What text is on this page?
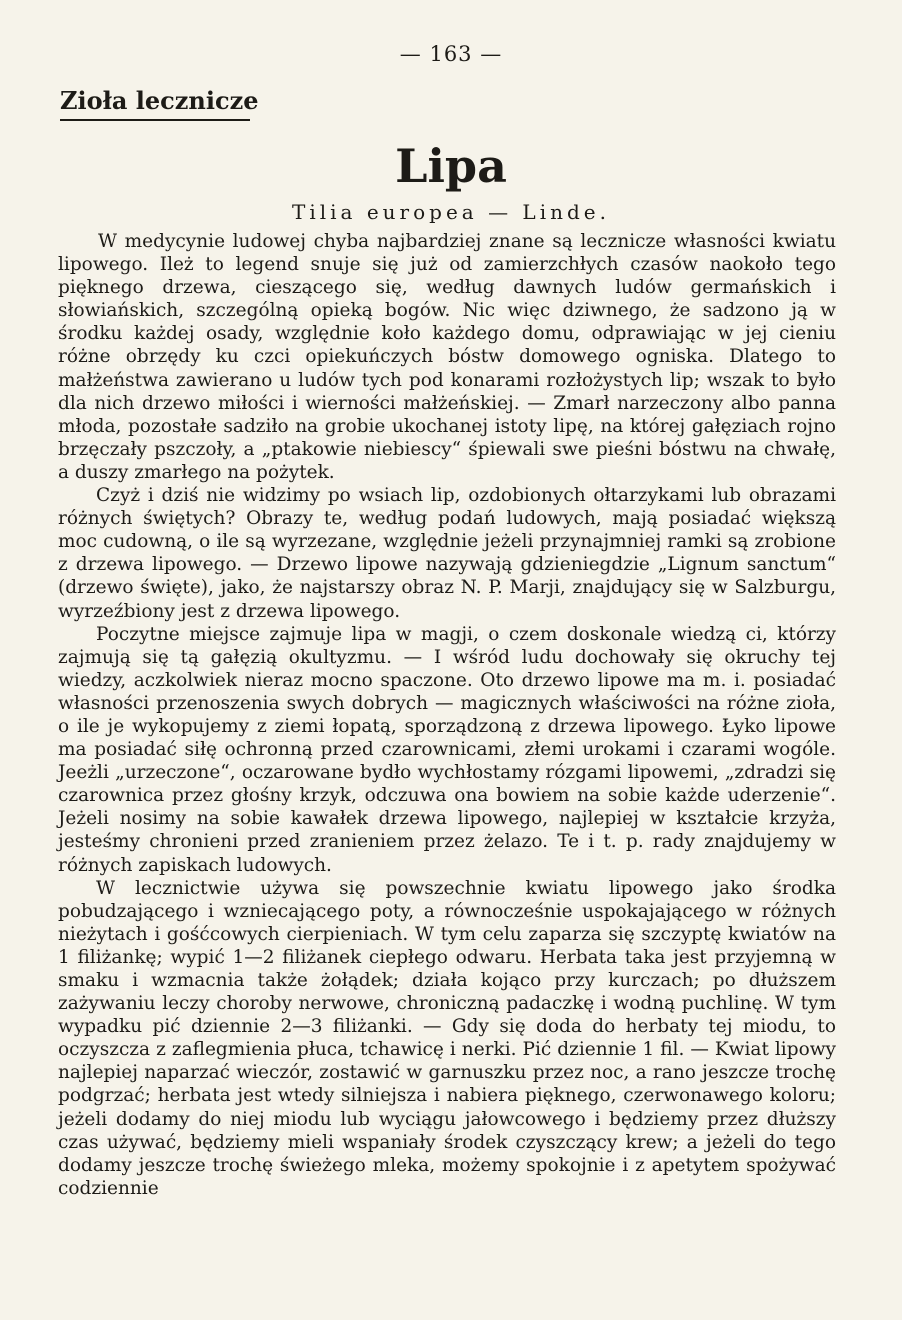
— 163 —
Zioła lecznicze
Lipa
Tilia europea — Linde.

W medycynie ludowej chyba najbardziej znane są lecznicze własności kwiatu lipowego. Ileż to legend snuje się już od zamierzchłych czasów naokoło tego pięknego drzewa, cieszącego się, według dawnych ludów germańskich i słowiańskich, szczególną opieką bogów. Nic więc dziwnego, że sadzono ją w środku każdej osady, względnie koło każdego domu, odprawiając w jej cieniu różne obrzędy ku czci opiekuńczych bóstw domowego ogniska. Dlatego to małżeństwa zawierano u ludów tych pod konarami rozłożystych lip; wszak to było dla nich drzewo miłości i wierności małżeńskiej. — Zmarł narzeczony albo panna młoda, pozostałe sadziło na grobie ukochanej istoty lipę, na której gałęziach rojno brzęczały pszczoły, a „ptakowie niebiescy“ śpiewali swe pieśni bóstwu na chwałę, a duszy zmarłego na pożytek.

Czyż i dziś nie widzimy po wsiach lip, ozdobionych ołtarzykami lub obrazami różnych świętych? Obrazy te, według podań ludowych, mają posiadać większą moc cudowną, o ile są wyrzezane, względnie jeżeli przynajmniej ramki są zrobione z drzewa lipowego. — Drzewo lipowe nazywają gdzieniegdzie „Lignum sanctum“ (drzewo święte), jako, że najstarszy obraz N. P. Marji, znajdujący się w Salzburgu, wyrzeźbiony jest z drzewa lipowego.

Poczytne miejsce zajmuje lipa w magji, o czem doskonale wiedzą ci, którzy zajmują się tą gałęzią okultyzmu. — I wśród ludu dochowały się okruchy tej wiedzy, aczkolwiek nieraz mocno spaczone. Oto drzewo lipowe ma m. i. posiadać własności przenoszenia swych dobrych — magicznych właściwości na różne zioła, o ile je wykopujemy z ziemi łopatą, sporządzoną z drzewa lipowego. Łyko lipowe ma posiadać siłę ochronną przed czarownicami, złemi urokami i czarami wogóle. Jeeżli „urzeczone“, oczarowane bydło wychłostamy rózgami lipowemi, „zdradzi się czarownica przez głośny krzyk, odczuwa ona bowiem na sobie każde uderzenie“. Jeżeli nosimy na sobie kawałek drzewa lipowego, najlepiej w kształcie krzyża, jesteśmy chronieni przed zranieniem przez żelazo. Te i t. p. rady znajdujemy w różnych zapiskach ludowych.

W lecznictwie używa się powszechnie kwiatu lipowego jako środka pobudzającego i wzniecającego poty, a równocześnie uspokajającego w różnych nieżytach i gośćcowych cierpieniach. W tym celu zaparza się szczyptę kwiatów na 1 filiżankę; wypić 1—2 filiżanek ciepłego odwaru. Herbata taka jest przyjemną w smaku i wzmacnia także żołądek; działa kojąco przy kurczach; po dłuższem zażywaniu leczy choroby nerwowe, chroniczną padaczkę i wodną puchlinę. W tym wypadku pić dziennie 2—3 filiżanki. — Gdy się doda do herbaty tej miodu, to oczyszcza z zaflegmienia płuca, tchawicę i nerki. Pić dziennie 1 fil. — Kwiat lipowy najlepiej naparzać wieczór, zostawić w garnuszku przez noc, a rano jeszcze trochę podgrzać; herbata jest wtedy silniejsza i nabiera pięknego, czerwonawego koloru; jeżeli dodamy do niej miodu lub wyciągu jałowcowego i będziemy przez dłuższy czas używać, będziemy mieli wspaniały środek czyszczący krew; a jeżeli do tego dodamy jeszcze trochę świeżego mleka, możemy spokojnie i z apetytem spożywać codziennie
